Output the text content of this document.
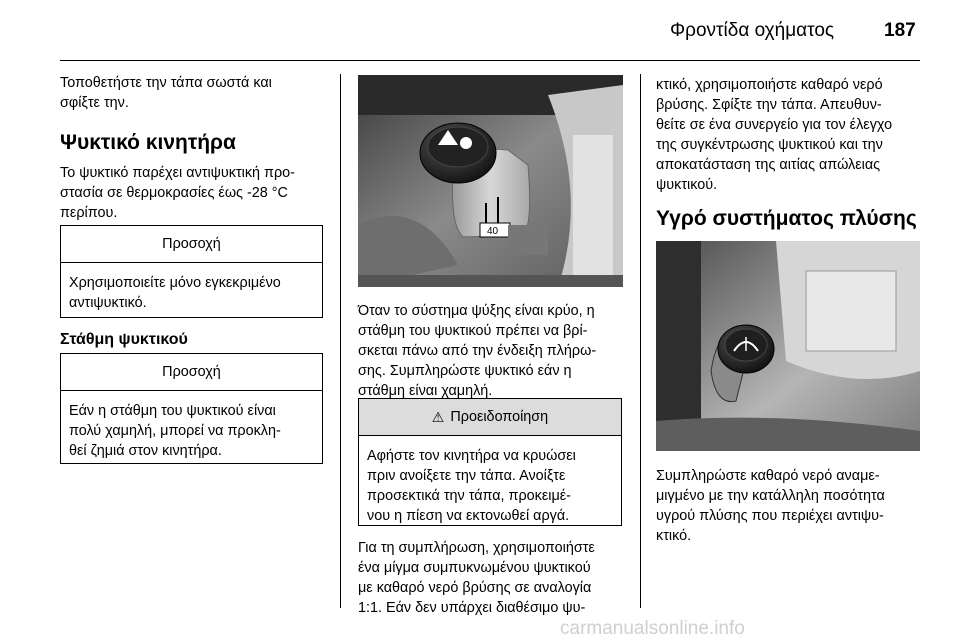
Φροντίδα οχήματος	187

Τοποθετήστε την τάπα σωστά και

σφίξτε την.

Ψυκτικό κινητήρα

Το ψυκτικό παρέχει αντιψυκτική προ-

στασία σε θερμοκρασίες έως -28 °C

περίπου.

Προσοχή
Χρησιμοποιείτε μόνο εγκεκριμένο
αντιψυκτικό.
Στάθμη ψυκτικού
Προσοχή
Εάν η στάθμη του ψυκτικού είναι
πολύ χαμηλή, μπορεί να προκλη-
θεί ζημιά στον κινητήρα.
40

Όταν το σύστημα ψύξης είναι κρύο, η

στάθμη του ψυκτικού πρέπει να βρί-

σκεται πάνω από την ένδειξη πλήρω-

σης. Συμπληρώστε ψυκτικό εάν η

στάθμη είναι χαμηλή.

⚠ Προειδοποίηση
Αφήστε τον κινητήρα να κρυώσει
πριν ανοίξετε την τάπα. Ανοίξτε
προσεκτικά την τάπα, προκειμέ-
νου η πίεση να εκτονωθεί αργά.

Για τη συμπλήρωση, χρησιμοποιήστε

ένα μίγμα συμπυκνωμένου ψυκτικού

με καθαρό νερό βρύσης σε αναλογία

1:1. Εάν δεν υπάρχει διαθέσιμο ψυ-

κτικό, χρησιμοποιήστε καθαρό νερό

βρύσης. Σφίξτε την τάπα. Απευθυν-

θείτε σε ένα συνεργείο για τον έλεγχο

της συγκέντρωσης ψυκτικού και την

αποκατάσταση της αιτίας απώλειας

ψυκτικού.

Υγρό συστήματος πλύσης

Συμπληρώστε καθαρό νερό αναμε-

μιγμένο με την κατάλληλη ποσότητα

υγρού πλύσης που περιέχει αντιψυ-

κτικό.

carmanualsonline.info
